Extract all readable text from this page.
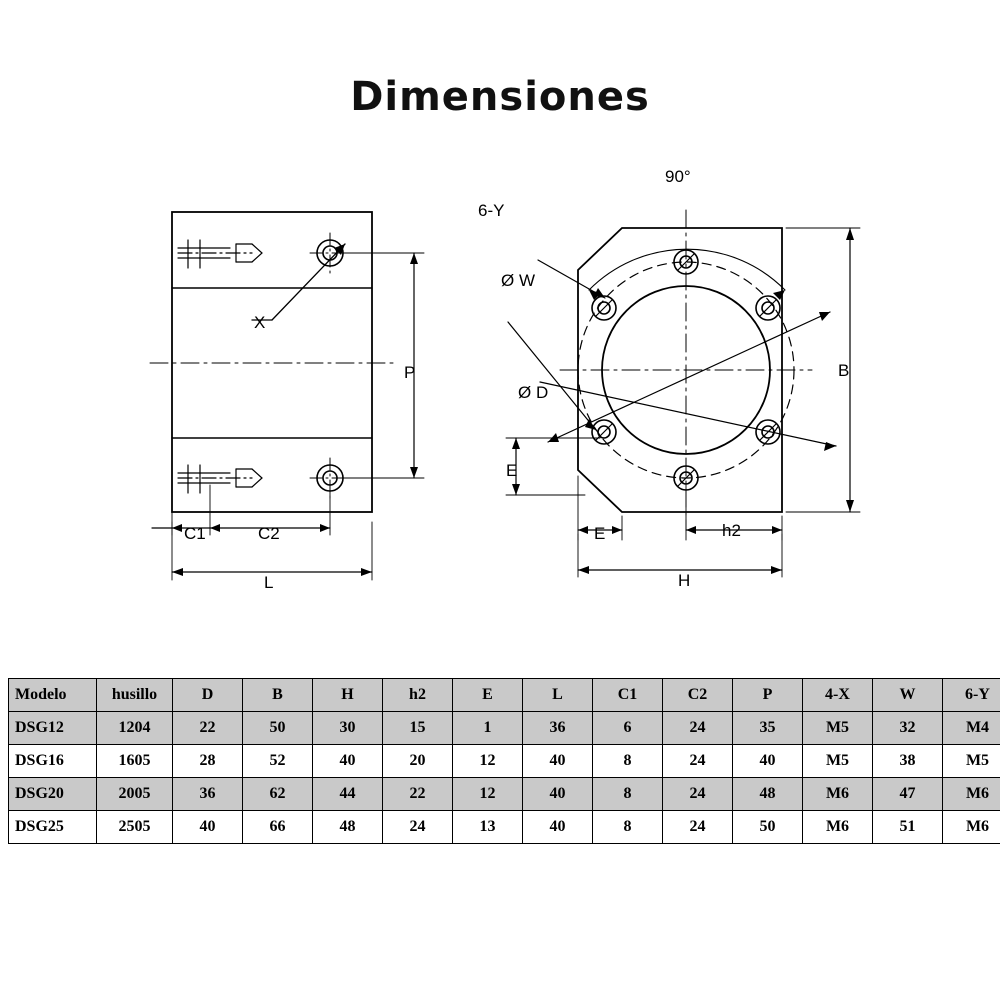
Dimensiones
X
P
C1	C2
L
90°
6-Y
Ø W
Ø D
B
E
E	h2
H
Modelo	husillo	D	B	H	h2	E	L	C1	C2	P	4-X	W	6-Y
DSG12	1204	22	50	30	15	1	36	6	24	35	M5	32	M4
DSG16	1605	28	52	40	20	12	40	8	24	40	M5	38	M5
DSG20	2005	36	62	44	22	12	40	8	24	48	M6	47	M6
DSG25	2505	40	66	48	24	13	40	8	24	50	M6	51	M6
